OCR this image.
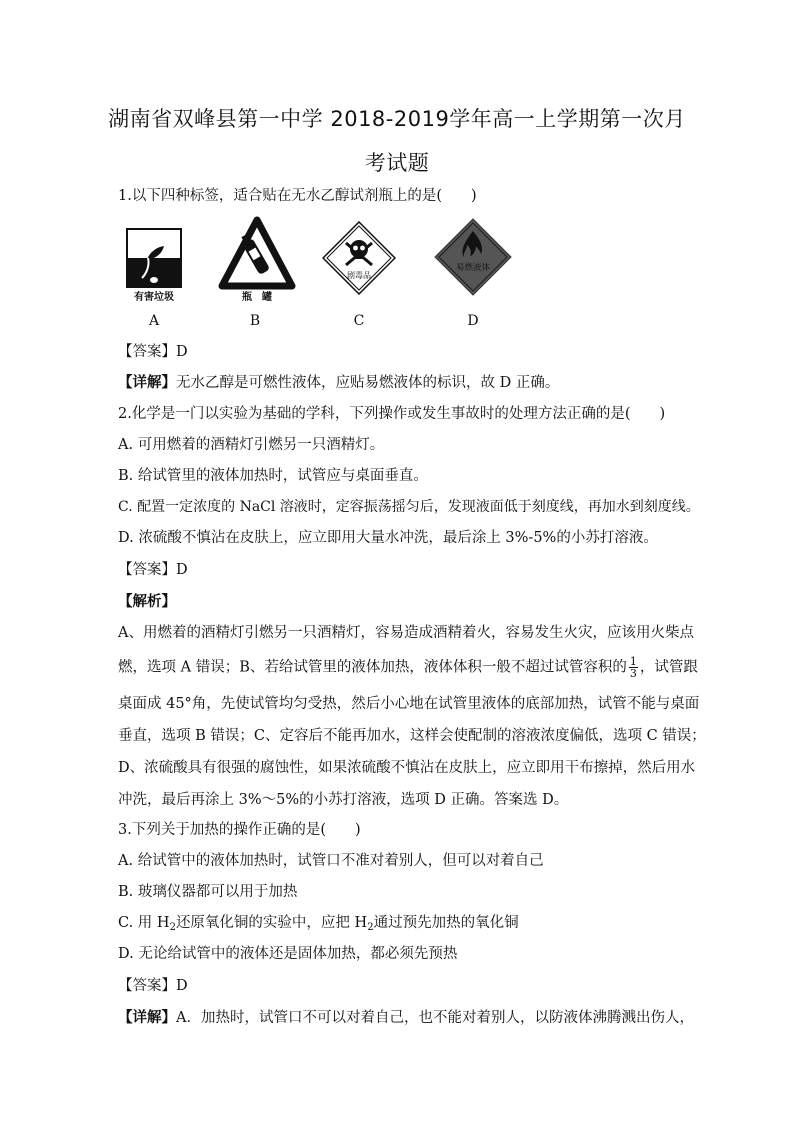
湖南省双峰县第一中学 2018-2019学年高一上学期第一次月
考试题
1.以下四种标签，适合贴在无水乙醇试剂瓶上的是(　　)
有害垃圾	瓶　罐
剧毒品
易燃液体
A	B	C	D
【答案】D
【详解】无水乙醇是可燃性液体，应贴易燃液体的标识，故 D 正确。
2.化学是一门以实验为基础的学科，下列操作或发生事故时的处理方法正确的是(　　)
A. 可用燃着的酒精灯引燃另一只酒精灯。
B. 给试管里的液体加热时，试管应与桌面垂直。
C. 配置一定浓度的 NaCl 溶液时，定容振荡摇匀后，发现液面低于刻度线，再加水到刻度线。
D. 浓硫酸不慎沾在皮肤上，应立即用大量水冲洗，最后涂上 3%-5%的小苏打溶液。
【答案】D
【解析】
A、用燃着的酒精灯引燃另一只酒精灯，容易造成酒精着火，容易发生火灾，应该用火柴点
燃，选项 A 错误；B、若给试管里的液体加热，液体体积一般不超过试管容积的 $\frac{1}{3}$ ，试管跟
桌面成 45°角，先使试管均匀受热，然后小心地在试管里液体的底部加热，试管不能与桌面
垂直，选项 B 错误；C、定容后不能再加水，这样会使配制的溶液浓度偏低，选项 C 错误；
D、浓硫酸具有很强的腐蚀性，如果浓硫酸不慎沾在皮肤上，应立即用干布擦掉，然后用水
冲洗，最后再涂上 3%～5%的小苏打溶液，选项 D 正确。答案选 D。
3.下列关于加热的操作正确的是(　　)
A. 给试管中的液体加热时，试管口不准对着别人，但可以对着自己
B. 玻璃仪器都可以用于加热
C. 用 $H_2$还原氧化铜的实验中，应把 $H_2$通过预先加热的氧化铜
D. 无论给试管中的液体还是固体加热，都必须先预热
【答案】D
【详解】A．加热时，试管口不可以对着自己，也不能对着别人，以防液体沸腾溅出伤人，
